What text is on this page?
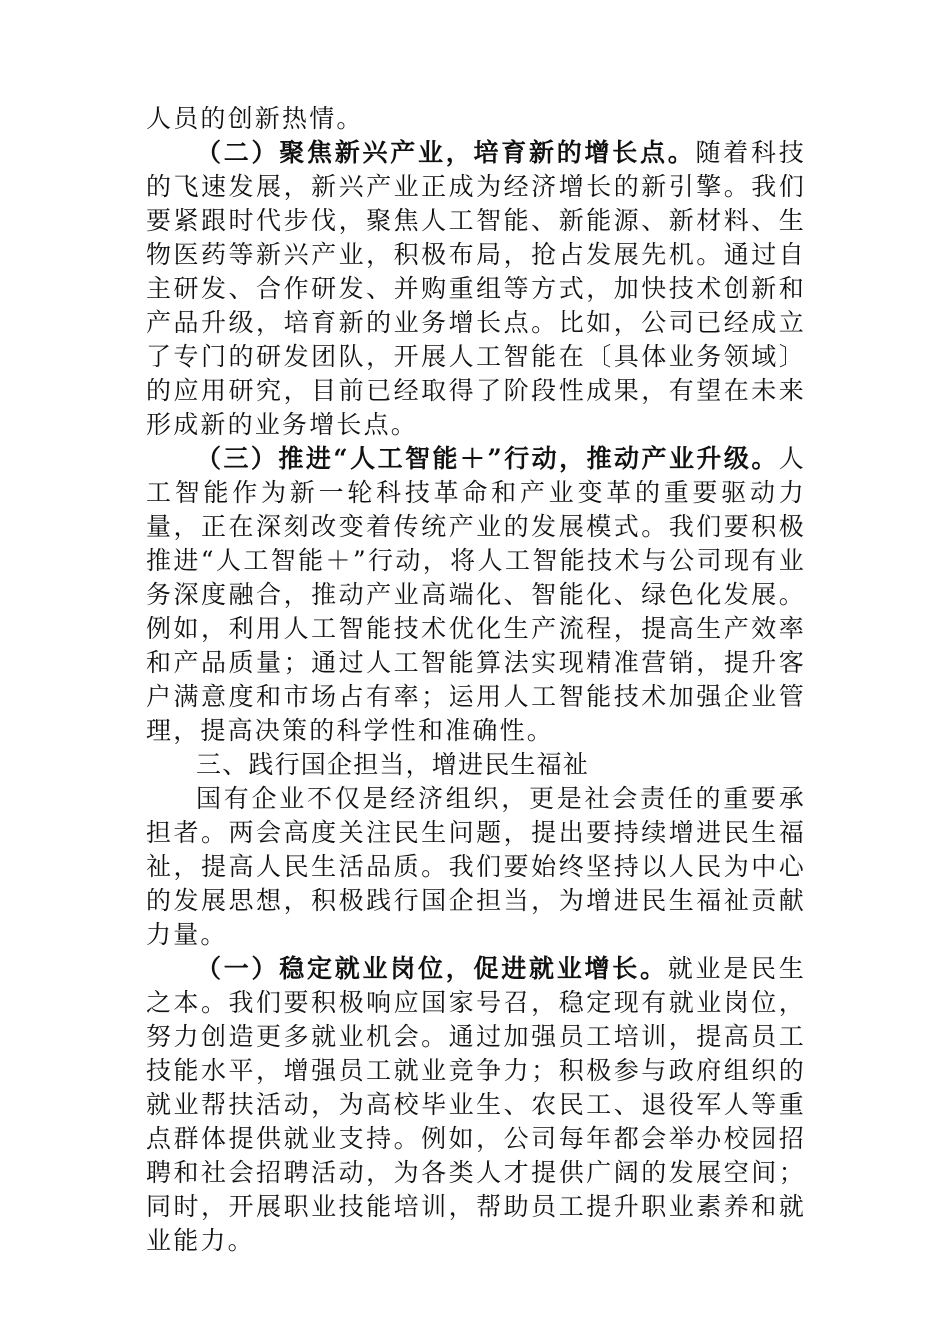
人员的创新热情。

（二）聚焦新兴产业，培育新的增长点。随着科技的飞速发展，新兴产业正成为经济增长的新引擎。我们要紧跟时代步伐，聚焦人工智能、新能源、新材料、生物医药等新兴产业，积极布局，抢占发展先机。通过自主研发、合作研发、并购重组等方式，加快技术创新和产品升级，培育新的业务增长点。比如，公司已经成立了专门的研发团队，开展人工智能在〔具体业务领域〕的应用研究，目前已经取得了阶段性成果，有望在未来形成新的业务增长点。

（三）推进“人工智能＋”行动，推动产业升级。人工智能作为新一轮科技革命和产业变革的重要驱动力量，正在深刻改变着传统产业的发展模式。我们要积极推进“人工智能＋”行动，将人工智能技术与公司现有业务深度融合，推动产业高端化、智能化、绿色化发展。例如，利用人工智能技术优化生产流程，提高生产效率和产品质量；通过人工智能算法实现精准营销，提升客户满意度和市场占有率；运用人工智能技术加强企业管理，提高决策的科学性和准确性。

三、践行国企担当，增进民生福祉

国有企业不仅是经济组织，更是社会责任的重要承担者。两会高度关注民生问题，提出要持续增进民生福祉，提高人民生活品质。我们要始终坚持以人民为中心的发展思想，积极践行国企担当，为增进民生福祉贡献力量。

（一）稳定就业岗位，促进就业增长。就业是民生之本。我们要积极响应国家号召，稳定现有就业岗位，努力创造更多就业机会。通过加强员工培训，提高员工技能水平，增强员工就业竞争力；积极参与政府组织的就业帮扶活动，为高校毕业生、农民工、退役军人等重点群体提供就业支持。例如，公司每年都会举办校园招聘和社会招聘活动，为各类人才提供广阔的发展空间；同时，开展职业技能培训，帮助员工提升职业素养和就业能力。
